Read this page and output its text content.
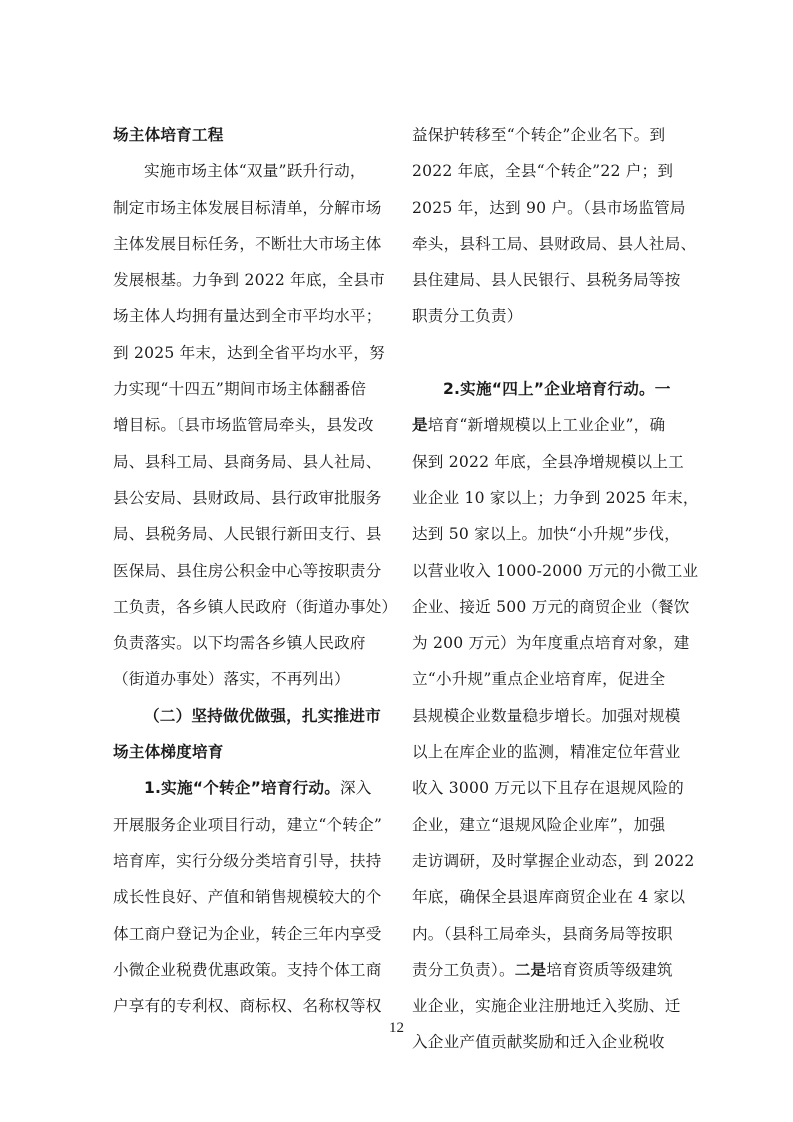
场主体培育工程
实施市场主体“双量”跃升行动，
制定市场主体发展目标清单，分解市场
主体发展目标任务，不断壮大市场主体
发展根基。力争到 2022 年底，全县市
场主体人均拥有量达到全市平均水平；
到 2025 年末，达到全省平均水平，努
力实现“十四五”期间市场主体翻番倍
增目标。〔县市场监管局牵头，县发改
局、县科工局、县商务局、县人社局、
县公安局、县财政局、县行政审批服务
局、县税务局、人民银行新田支行、县
医保局、县住房公积金中心等按职责分
工负责，各乡镇人民政府（街道办事处）
负责落实。以下均需各乡镇人民政府
（街道办事处）落实，不再列出）
（二）坚持做优做强，扎实推进市
场主体梯度培育
1.实施“个转企”培育行动。深入
开展服务企业项目行动，建立“个转企”
培育库，实行分级分类培育引导，扶持
成长性良好、产值和销售规模较大的个
体工商户登记为企业，转企三年内享受
小微企业税费优惠政策。支持个体工商
户享有的专利权、商标权、名称权等权
益保护转移至“个转企”企业名下。到
2022 年底，全县“个转企”22 户；到
2025 年，达到 90 户。（县市场监管局
牵头，县科工局、县财政局、县人社局、
县住建局、县人民银行、县税务局等按
职责分工负责）
2.实施“四上”企业培育行动。一
是培育“新增规模以上工业企业”，确
保到 2022 年底，全县净增规模以上工
业企业 10 家以上；力争到 2025 年末，
达到 50 家以上。加快“小升规”步伐，
以营业收入 1000-2000 万元的小微工业
企业、接近 500 万元的商贸企业（餐饮
为 200 万元）为年度重点培育对象，建
立“小升规”重点企业培育库，促进全
县规模企业数量稳步增长。加强对规模
以上在库企业的监测，精准定位年营业
收入 3000 万元以下且存在退规风险的
企业，建立“退规风险企业库”，加强
走访调研，及时掌握企业动态，到 2022
年底，确保全县退库商贸企业在 4 家以
内。（县科工局牵头，县商务局等按职
责分工负责）。二是培育资质等级建筑
业企业，实施企业注册地迁入奖励、迁
入企业产值贡献奖励和迁入企业税收
12
